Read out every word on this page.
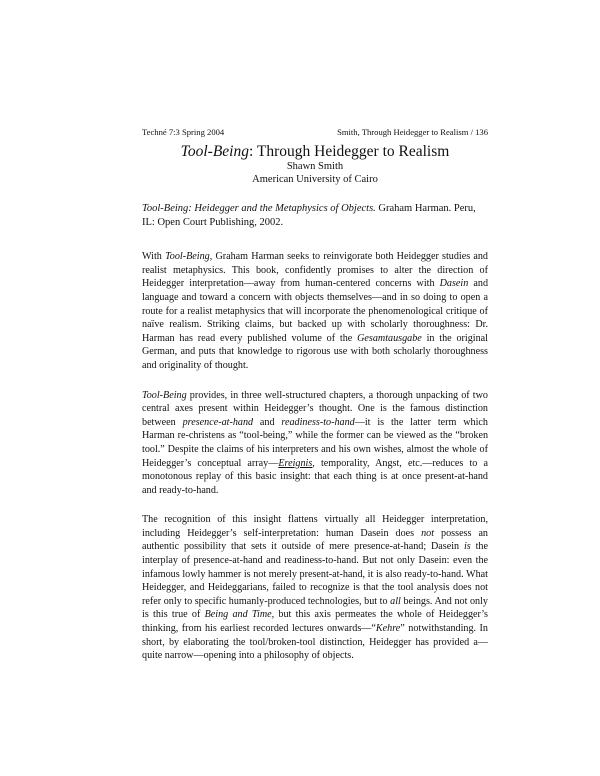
Techné 7:3 Spring 2004	Smith, Through Heidegger to Realism / 136
Tool-Being: Through Heidegger to Realism
Shawn Smith
American University of Cairo
Tool-Being: Heidegger and the Metaphysics of Objects. Graham Harman. Peru, IL: Open Court Publishing, 2002.

With Tool-Being, Graham Harman seeks to reinvigorate both Heidegger studies and realist metaphysics. This book, confidently promises to alter the direction of Heidegger interpretation—away from human-centered concerns with Dasein and language and toward a concern with objects themselves—and in so doing to open a route for a realist metaphysics that will incorporate the phenomenological critique of naïve realism. Striking claims, but backed up with scholarly thoroughness: Dr. Harman has read every published volume of the Gesamtausgabe in the original German, and puts that knowledge to rigorous use with both scholarly thoroughness and originality of thought.

Tool-Being provides, in three well-structured chapters, a thorough unpacking of two central axes present within Heidegger’s thought. One is the famous distinction between presence-at-hand and readiness-to-hand—it is the latter term which Harman re-christens as “tool-being,” while the former can be viewed as the “broken tool.” Despite the claims of his interpreters and his own wishes, almost the whole of Heidegger’s conceptual array—Ereignis, temporality, Angst, etc.—reduces to a monotonous replay of this basic insight: that each thing is at once present-at-hand and ready-to-hand.

The recognition of this insight flattens virtually all Heidegger interpretation, including Heidegger’s self-interpretation: human Dasein does not possess an authentic possibility that sets it outside of mere presence-at-hand; Dasein is the interplay of presence-at-hand and readiness-to-hand. But not only Dasein: even the infamous lowly hammer is not merely present-at-hand, it is also ready-to-hand. What Heidegger, and Heideggarians, failed to recognize is that the tool analysis does not refer only to specific humanly-produced technologies, but to all beings. And not only is this true of Being and Time, but this axis permeates the whole of Heidegger’s thinking, from his earliest recorded lectures onwards—“Kehre” notwithstanding. In short, by elaborating the tool/broken-tool distinction, Heidegger has provided a—quite narrow—opening into a philosophy of objects.
